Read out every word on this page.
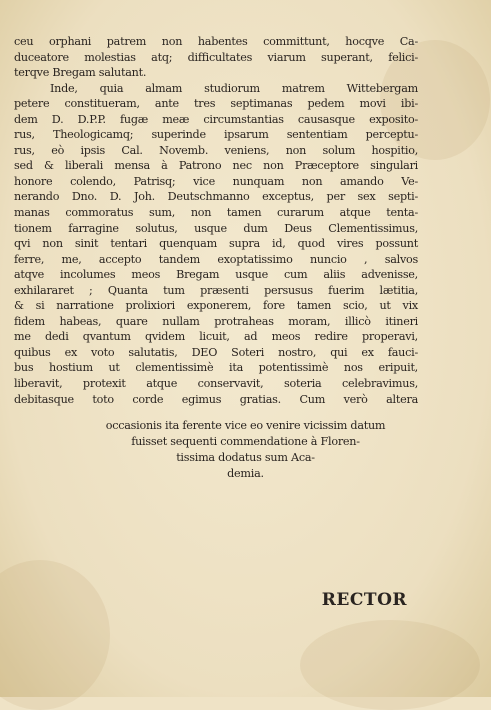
ceu orphani patrem non habentes committunt, hocqve Ca-
duceatore molestias atq; difficultates viarum superant, felici-
terqve Bregam salutant.
Inde, quia almam studiorum matrem Wittebergam
petere constitueram, ante tres septimanas pedem movi ibi-
dem D. D.P.P. fugæ meæ circumstantias causasque exposito-
rus, Theologicamq; superinde ipsarum sententiam perceptu-
rus, eò ipsis Cal. Novemb. veniens, non solum hospitio,
sed & liberali mensa à Patrono nec non Præceptore singulari
honore colendo, Patrisq; vice nunquam non amando Ve-
nerando Dno. D. Joh. Deutschmanno exceptus, per sex septi-
manas commoratus sum, non tamen curarum atque tenta-
tionem farragine solutus, usque dum Deus Clementissimus,
qvi non sinit tentari quenquam supra id, quod vires possunt
ferre, me, accepto tandem exoptatissimo nuncio , salvos
atqve incolumes meos Bregam usque cum aliis advenisse,
exhilararet ; Quanta tum præsenti persusus fuerim lætitia,
& si narratione prolixiori exponerem, fore tamen scio, ut vix
fidem habeas, quare nullam protraheas moram, illicò itineri
me dedi qvantum qvidem licuit, ad meos redire properavi,
quibus ex voto salutatis, DEO Soteri nostro, qui ex fauci-
bus hostium ut clementissimè ita potentissimè nos eripuit,
liberavit, protexit atque conservavit, soteria celebravimus,
debitasque toto corde egimus gratias. Cum verò altera
occasionis ita ferente vice eo venire vicissim datum
fuisset sequenti commendatione à Floren-
tissima dodatus sum Aca-
demia.
RECTOR
